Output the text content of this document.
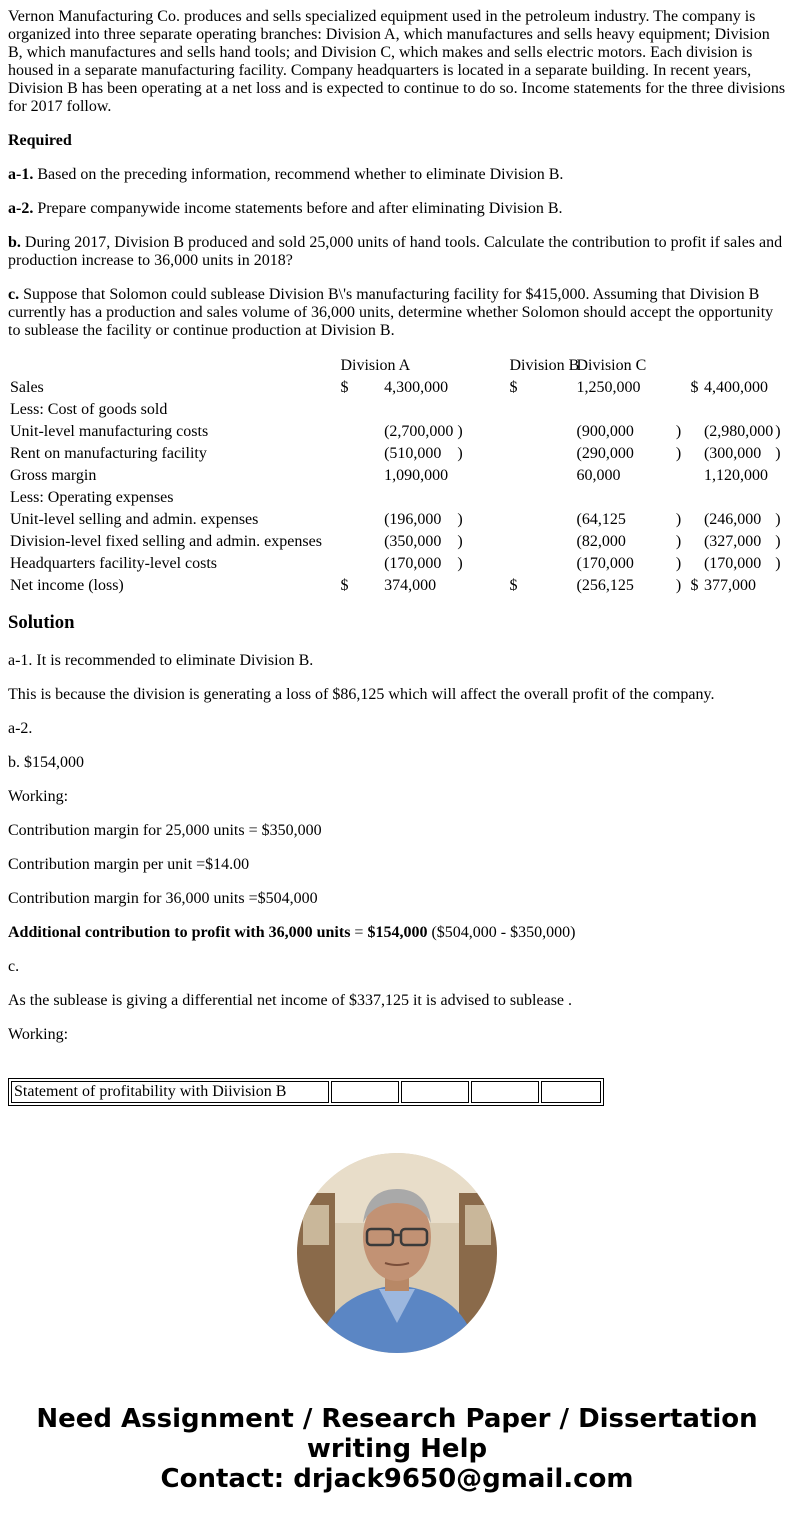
Vernon Manufacturing Co. produces and sells specialized equipment used in the petroleum industry. The company is organized into three separate operating branches: Division A, which manufactures and sells heavy equipment; Division B, which manufactures and sells hand tools; and Division C, which makes and sells electric motors. Each division is housed in a separate manufacturing facility. Company headquarters is located in a separate building. In recent years, Division B has been operating at a net loss and is expected to continue to do so. Income statements for the three divisions for 2017 follow.

Required

a-1. Based on the preceding information, recommend whether to eliminate Division B.

a-2. Prepare companywide income statements before and after eliminating Division B.

b. During 2017, Division B produced and sold 25,000 units of hand tools. Calculate the contribution to profit if sales and production increase to 36,000 units in 2018?

c. Suppose that Solomon could sublease Division B\'s manufacturing facility for $415,000. Assuming that Division B currently has a production and sales volume of 36,000 units, determine whether Solomon should accept the opportunity to sublease the facility or continue production at Division B.

	Division A			Division B	Division C				
Sales	$	4,300,000		$	1,250,000		$	4,400,000	
Less: Cost of goods sold									
Unit-level manufacturing costs		(2,700,000	)		(900,000	)		(2,980,000	)
Rent on manufacturing facility		(510,000	)		(290,000	)		(300,000	)
Gross margin		1,090,000			60,000			1,120,000	
Less: Operating expenses									
Unit-level selling and admin. expenses		(196,000	)		(64,125	)		(246,000	)
Division-level fixed selling and admin. expenses		(350,000	)		(82,000	)		(327,000	)
Headquarters facility-level costs		(170,000	)		(170,000	)		(170,000	)
Net income (loss)	$	374,000		$	(256,125	)	$	377,000	
Solution

a-1. It is recommended to eliminate Division B.

This is because the division is generating a loss of $86,125 which will affect the overall profit of the company.

a-2.

b. $154,000

Working:

Contribution margin for 25,000 units = $350,000

Contribution margin per unit =$14.00

Contribution margin for 36,000 units =$504,000

Additional contribution to profit with 36,000 units = $154,000 ($504,000 - $350,000)

c.

As the sublease is giving a differential net income of $337,125 it is advised to sublease .

Working:

Statement of profitability with Diivision B				
Need Assignment / Research Paper / Dissertation
writing Help
Contact: drjack9650@gmail.com
